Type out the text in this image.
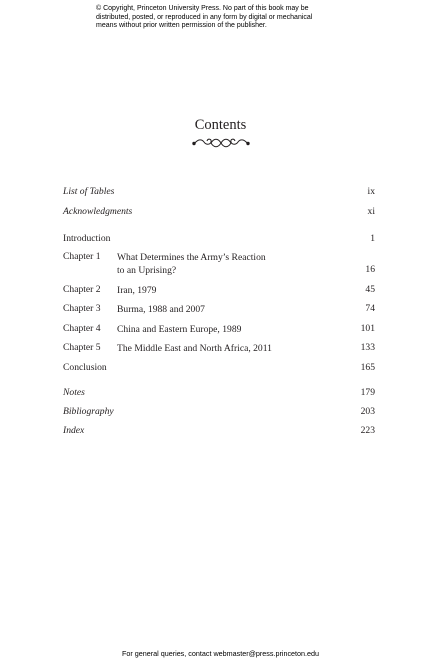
© Copyright, Princeton University Press. No part of this book may be
distributed, posted, or reproduced in any form by digital or mechanical
means without prior written permission of the publisher.
Contents
List of Tables	ix
Acknowledgments	xi
Introduction	1
Chapter 1 What Determines the Army’s Reaction
to an Uprising?	16
Chapter 2 Iran, 1979	45
Chapter 3 Burma, 1988 and 2007	74
Chapter 4 China and Eastern Europe, 1989	101
Chapter 5 The Middle East and North Africa, 2011	133
Conclusion	165
Notes	179
Bibliography	203
Index	223
For general queries, contact webmaster@press.princeton.edu
